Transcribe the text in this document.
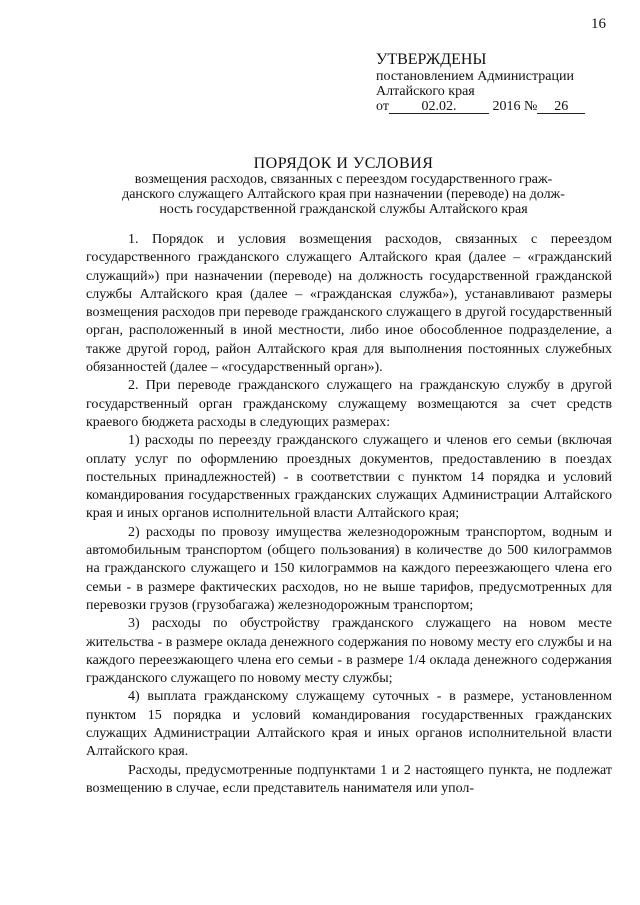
16
УТВЕРЖДЕНЫ
постановлением Администрации
Алтайского края
от 02.02.	2016 № 26
ПОРЯДОК И УСЛОВИЯ
возмещения расходов, связанных с переездом государственного граж-
данского служащего Алтайского края при назначении (переводе) на долж-
ность государственной гражданской службы Алтайского края

1. Порядок и условия возмещения расходов, связанных с переездом государственного гражданского служащего Алтайского края (далее – «гражданский служащий») при назначении (переводе) на должность государственной гражданской службы Алтайского края (далее – «гражданская служба»), устанавливают размеры возмещения расходов при переводе гражданского служащего в другой государственный орган, расположенный в иной местности, либо иное обособленное подразделение, а также другой город, район Алтайского края для выполнения постоянных служебных обязанностей (далее – «государственный орган»).

2. При переводе гражданского служащего на гражданскую службу в другой государственный орган гражданскому служащему возмещаются за счет средств краевого бюджета расходы в следующих размерах:

1) расходы по переезду гражданского служащего и членов его семьи (включая оплату услуг по оформлению проездных документов, предоставлению в поездах постельных принадлежностей) - в соответствии с пунктом 14 порядка и условий командирования государственных гражданских служащих Администрации Алтайского края и иных органов исполнительной власти Алтайского края;

2) расходы по провозу имущества железнодорожным транспортом, водным и автомобильным транспортом (общего пользования) в количестве до 500 килограммов на гражданского служащего и 150 килограммов на каждого переезжающего члена его семьи - в размере фактических расходов, но не выше тарифов, предусмотренных для перевозки грузов (грузобагажа) железнодорожным транспортом;

3) расходы по обустройству гражданского служащего на новом месте жительства - в размере оклада денежного содержания по новому месту его службы и на каждого переезжающего члена его семьи - в размере 1/4 оклада денежного содержания гражданского служащего по новому месту службы;

4) выплата гражданскому служащему суточных - в размере, установленном пунктом 15 порядка и условий командирования государственных гражданских служащих Администрации Алтайского края и иных органов исполнительной власти Алтайского края.

Расходы, предусмотренные подпунктами 1 и 2 настоящего пункта, не подлежат возмещению в случае, если представитель нанимателя или упол-
